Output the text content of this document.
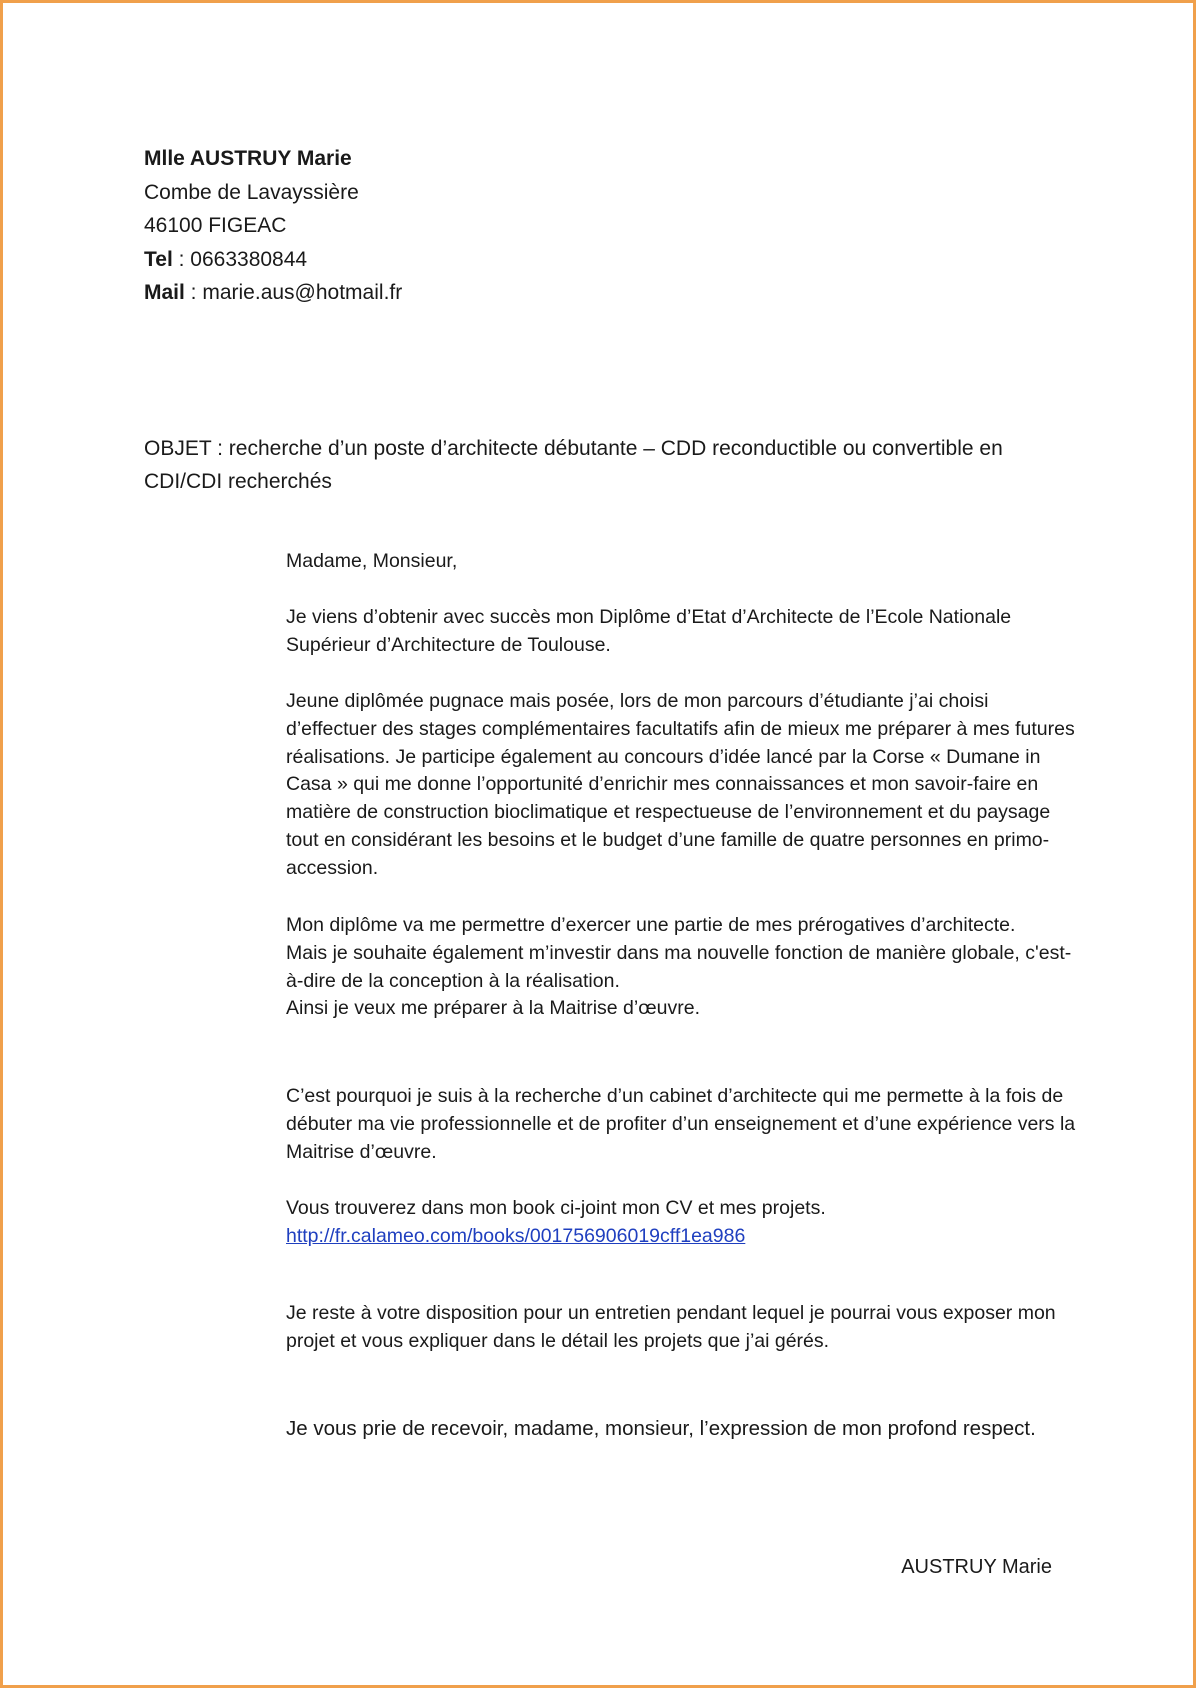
Mlle AUSTRUY Marie
Combe de Lavayssière
46100 FIGEAC
Tel : 0663380844
Mail : marie.aus@hotmail.fr
OBJET : recherche d’un poste d’architecte débutante – CDD reconductible ou convertible en CDI/CDI recherchés

Madame, Monsieur,

Je viens d’obtenir avec succès mon Diplôme d’Etat d’Architecte de l’Ecole Nationale Supérieur d’Architecture de Toulouse.

Jeune diplômée pugnace mais posée, lors de mon parcours d’étudiante j’ai choisi d’effectuer des stages complémentaires facultatifs afin de mieux me préparer à mes futures réalisations. Je participe également au concours d’idée lancé par la Corse « Dumane in Casa » qui me donne l’opportunité d’enrichir mes connaissances et mon savoir-faire en matière de construction bioclimatique et respectueuse de l’environnement et du paysage tout en considérant les besoins et le budget d’une famille de quatre personnes en primo-accession.

Mon diplôme va me permettre d’exercer une partie de mes prérogatives d’architecte.

Mais je souhaite également m’investir dans ma nouvelle fonction de manière globale, c'est-à-dire de la conception à la réalisation.

Ainsi je veux me préparer à la Maitrise d’œuvre.

C’est pourquoi je suis à la recherche d’un cabinet d’architecte qui me permette à la fois de débuter ma vie professionnelle et de profiter d’un enseignement et d’une expérience vers la Maitrise d’œuvre.

Vous trouverez dans mon book ci-joint mon CV et mes projets.

http://fr.calameo.com/books/001756906019cff1ea986

Je reste à votre disposition pour un entretien pendant lequel je pourrai vous exposer mon projet et vous expliquer dans le détail les projets que j’ai gérés.

Je vous prie de recevoir, madame, monsieur, l’expression de mon profond respect.

AUSTRUY Marie
